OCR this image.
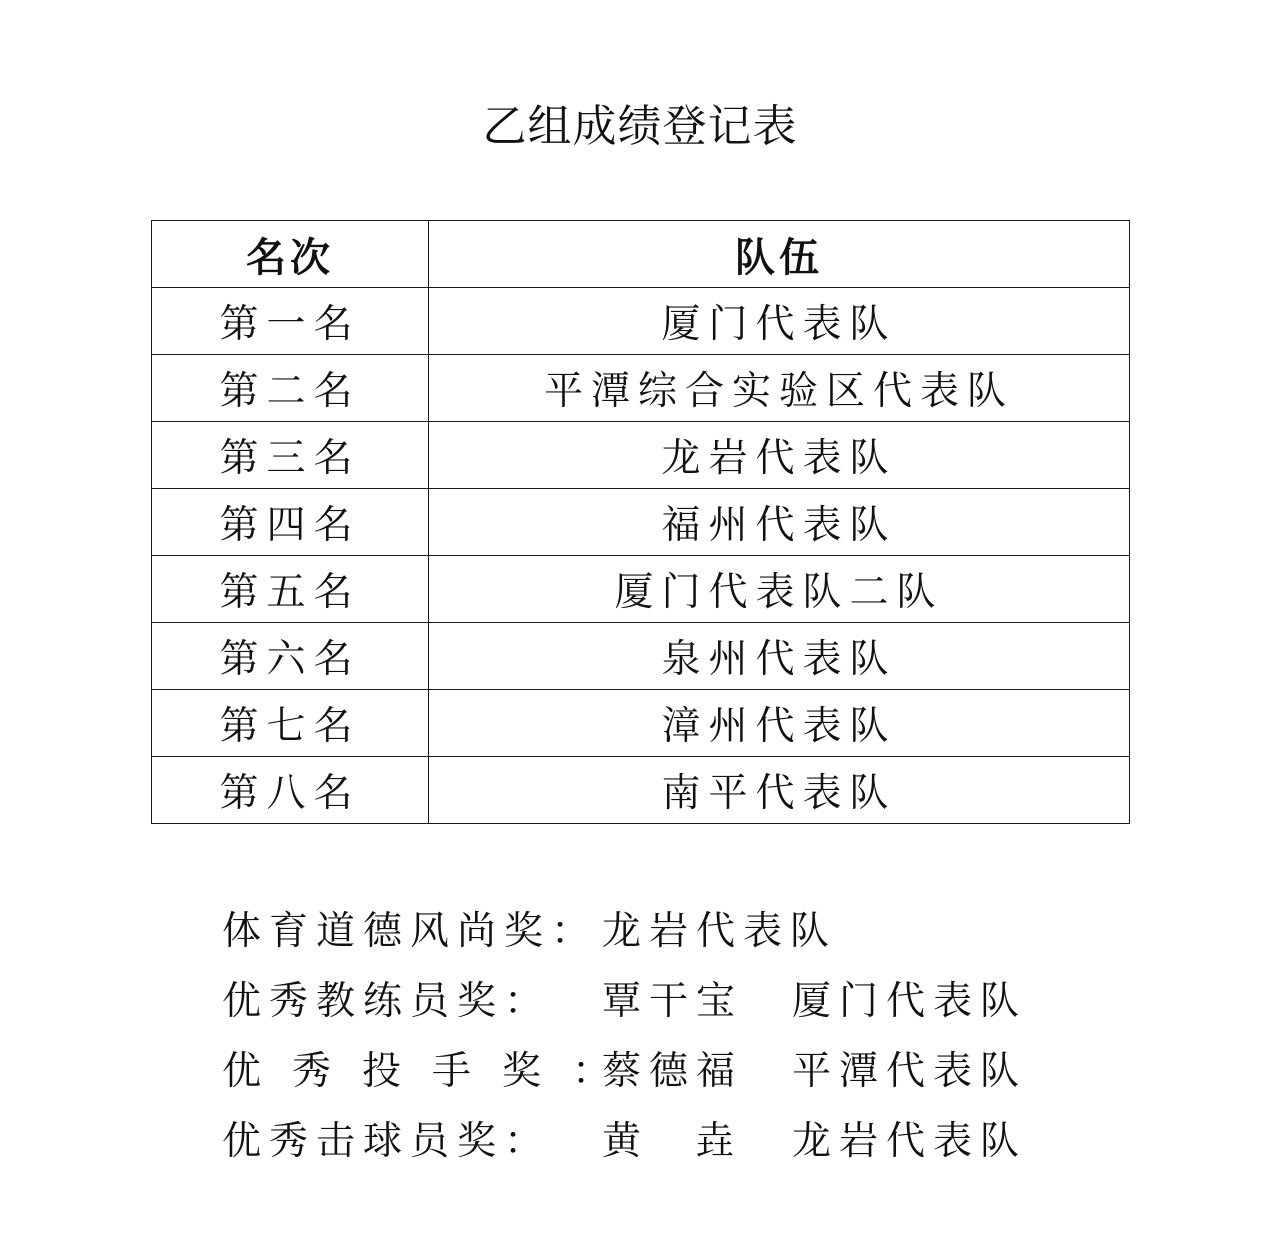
乙组成绩登记表
名次	队伍
第一名	厦门代表队
第二名	平潭综合实验区代表队
第三名	龙岩代表队
第四名	福州代表队
第五名	厦门代表队二队
第六名	泉州代表队
第七名	漳州代表队
第八名	南平代表队
体育道德风尚奖： 龙岩代表队
优秀教练员奖： 覃干宝 厦门代表队
优秀投手奖：蔡德福 平潭代表队
优秀击球员奖： 黄垚 龙岩代表队
